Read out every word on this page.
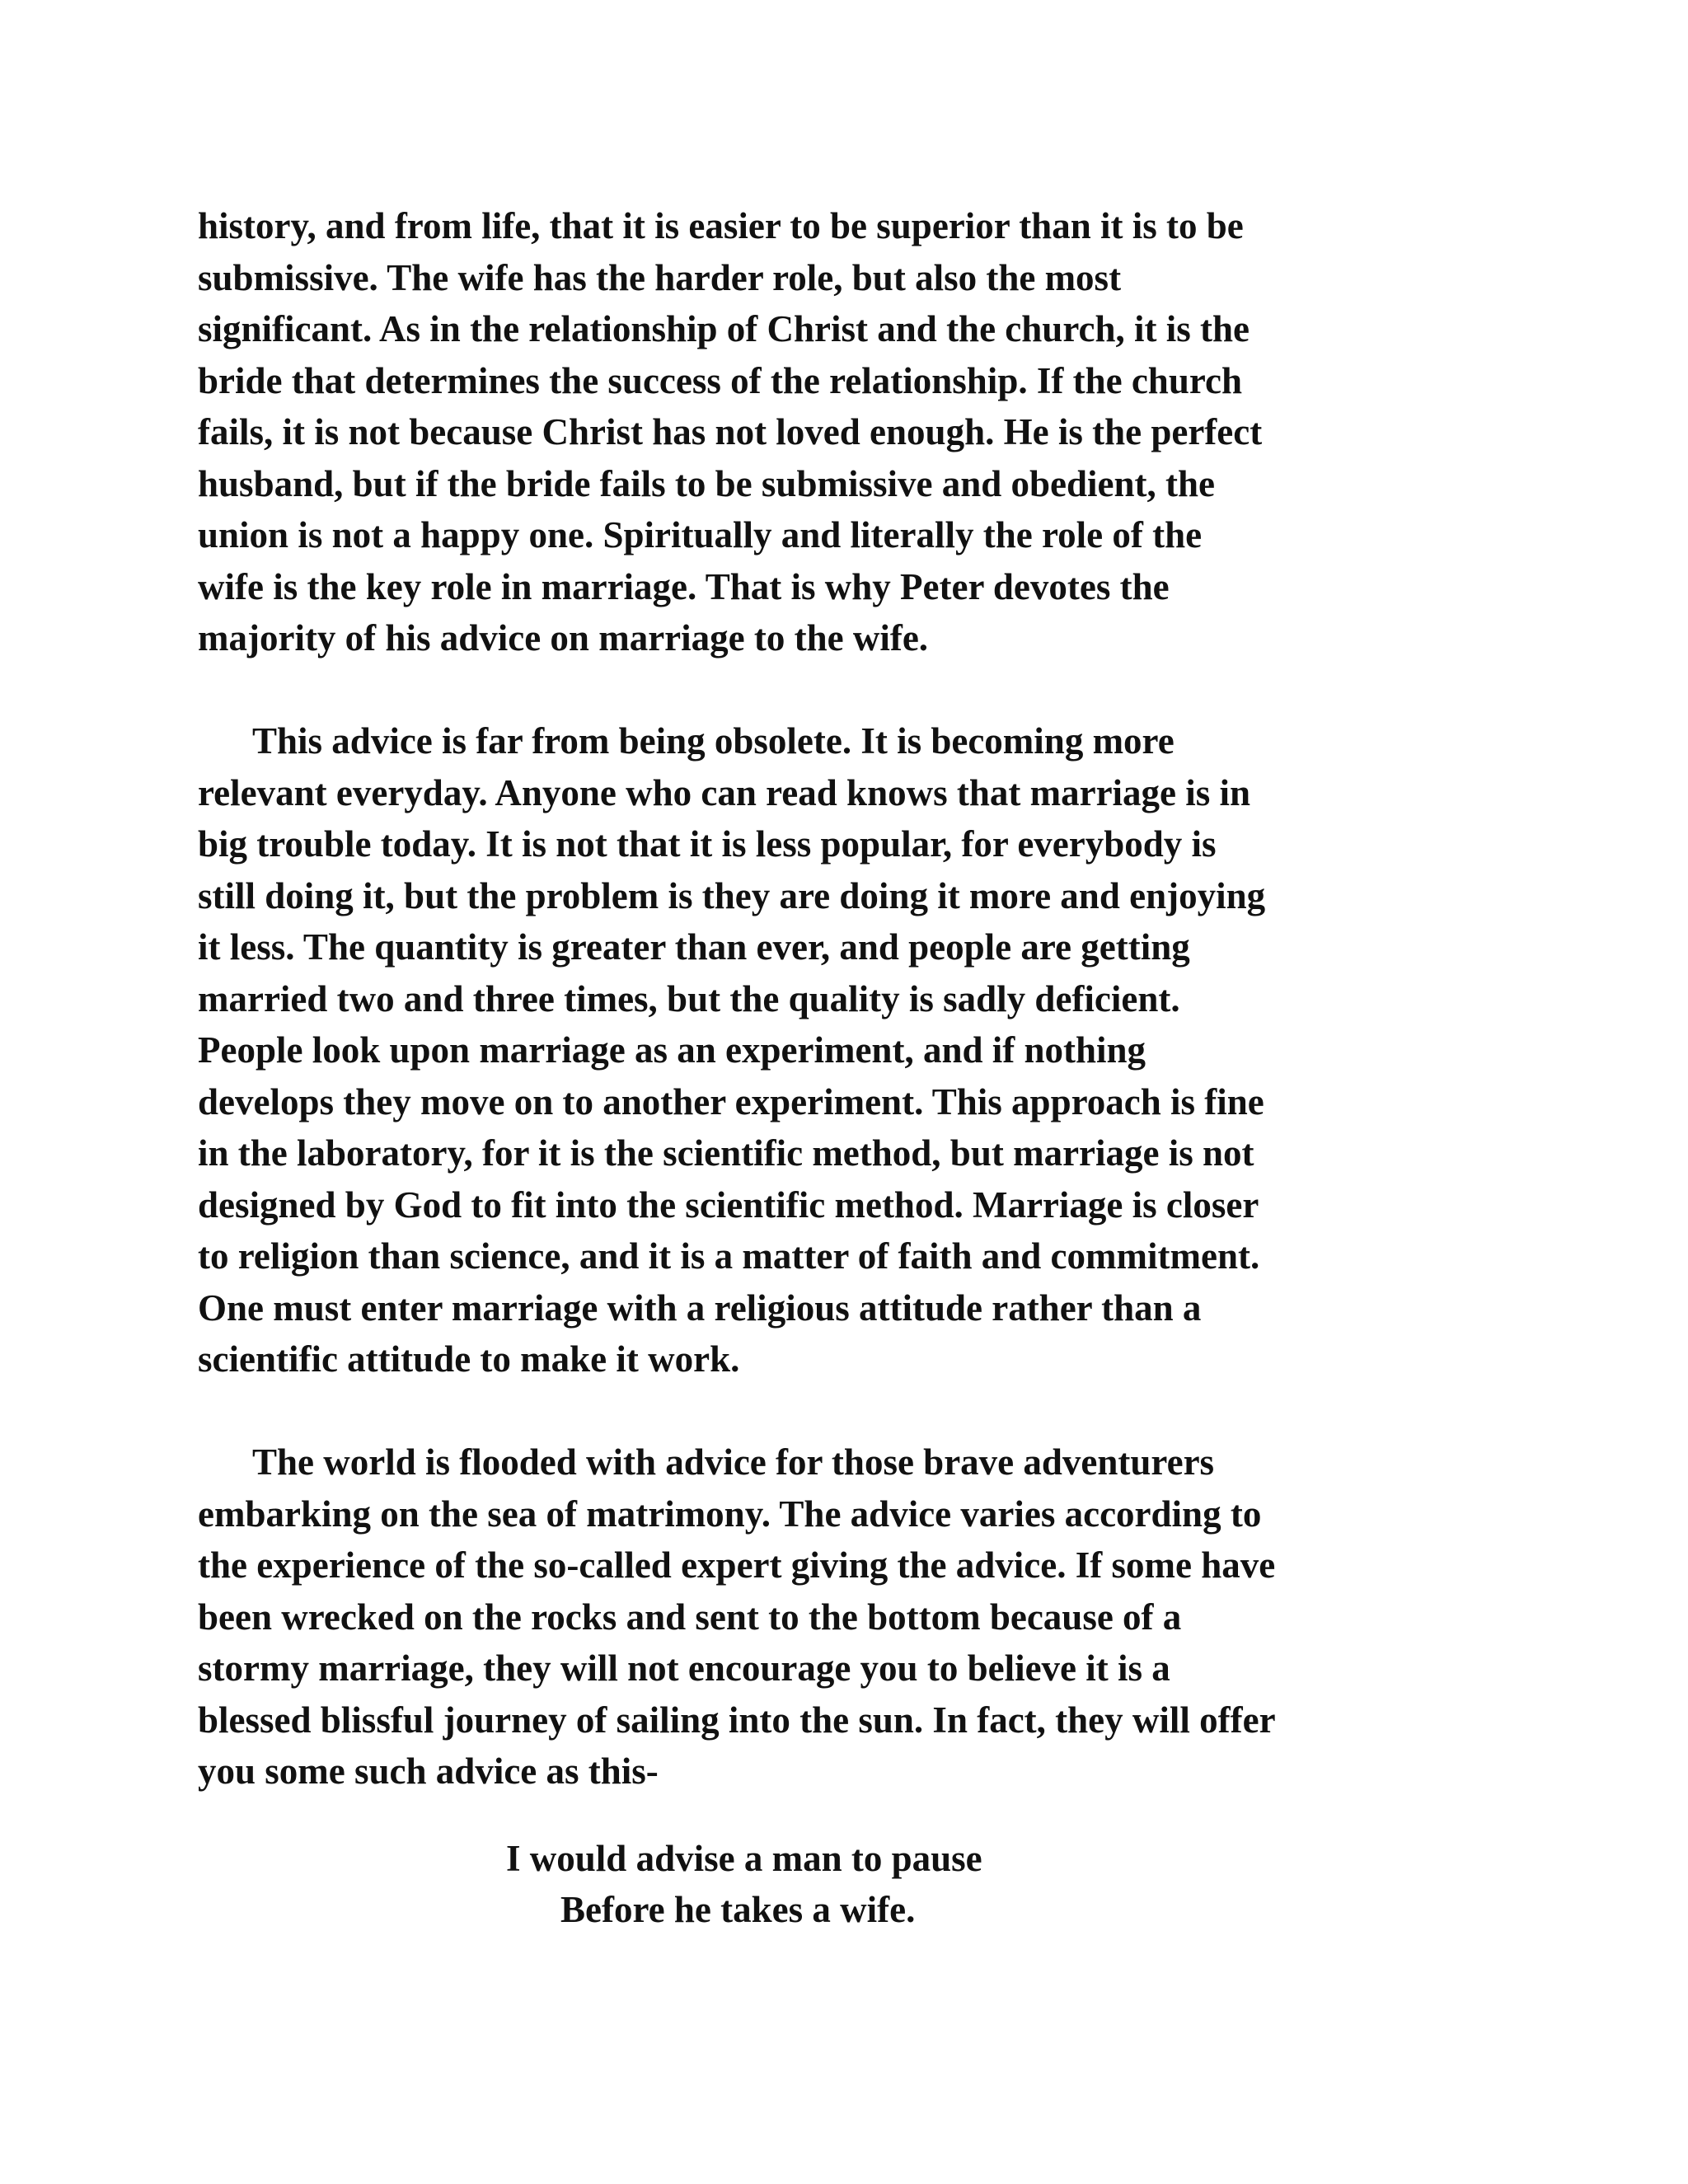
history, and from life, that it is easier to be superior than it is to be
submissive. The wife has the harder role, but also the most
significant. As in the relationship of Christ and the church, it is the
bride that determines the success of the relationship. If the church
fails, it is not because Christ has not loved enough. He is the perfect
husband, but if the bride fails to be submissive and obedient, the
union is not a happy one. Spiritually and literally the role of the
wife is the key role in marriage. That is why Peter devotes the
majority of his advice on marriage to the wife.
This advice is far from being obsolete. It is becoming more
relevant everyday. Anyone who can read knows that marriage is in
big trouble today. It is not that it is less popular, for everybody is
still doing it, but the problem is they are doing it more and enjoying
it less. The quantity is greater than ever, and people are getting
married two and three times, but the quality is sadly deficient.
People look upon marriage as an experiment, and if nothing
develops they move on to another experiment. This approach is fine
in the laboratory, for it is the scientific method, but marriage is not
designed by God to fit into the scientific method. Marriage is closer
to religion than science, and it is a matter of faith and commitment.
One must enter marriage with a religious attitude rather than a
scientific attitude to make it work.
The world is flooded with advice for those brave adventurers
embarking on the sea of matrimony. The advice varies according to
the experience of the so-called expert giving the advice. If some have
been wrecked on the rocks and sent to the bottom because of a
stormy marriage, they will not encourage you to believe it is a
blessed blissful journey of sailing into the sun. In fact, they will offer
you some such advice as this-
I would advise a man to pause
Before he takes a wife.
